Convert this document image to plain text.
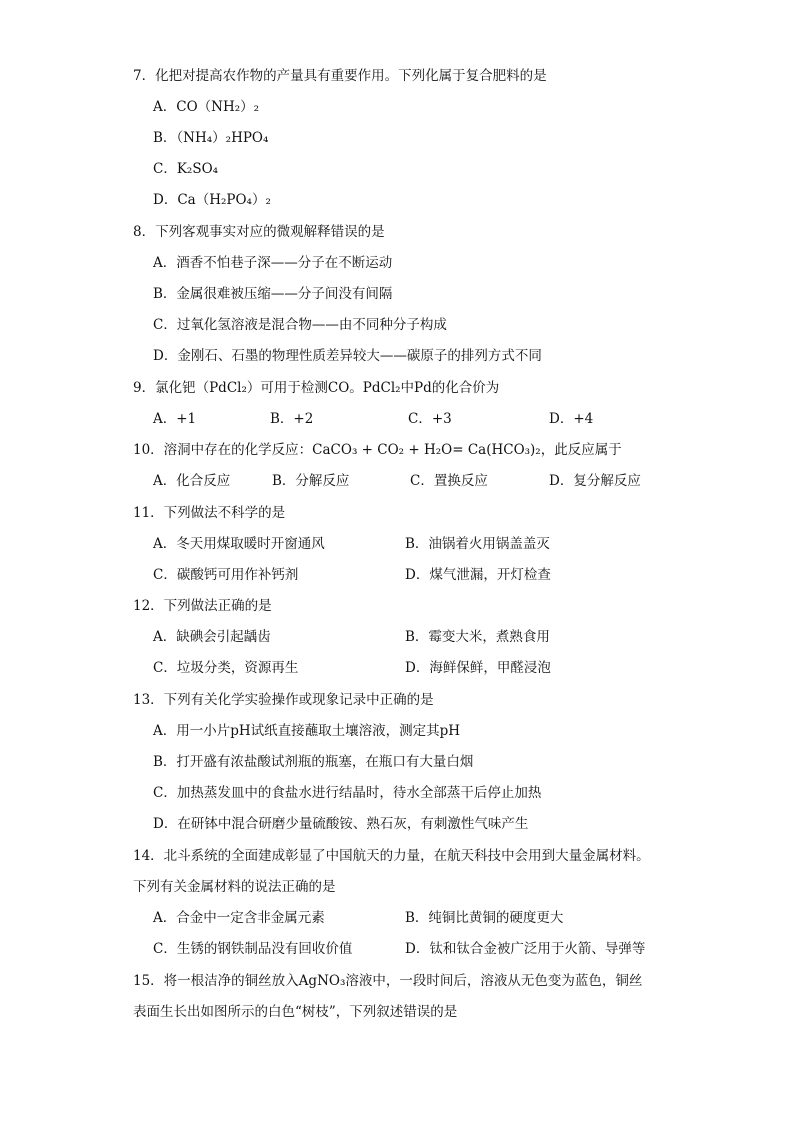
7．化把对提高农作物的产量具有重要作用。下列化属于复合肥料的是
A．CO（NH₂）₂
B．（NH₄）₂HPO₄
C．K₂SO₄
D．Ca（H₂PO₄）₂
8．下列客观事实对应的微观解释错误的是
A．酒香不怕巷子深——分子在不断运动
B．金属很难被压缩——分子间没有间隔
C．过氧化氢溶液是混合物——由不同种分子构成
D．金刚石、石墨的物理性质差异较大——碳原子的排列方式不同
9．氯化钯（PdCl₂）可用于检测CO。PdCl₂中Pd的化合价为
A．+1	B．+2	C．+3	D．+4
10．溶洞中存在的化学反应：CaCO₃ + CO₂ + H₂O= Ca(HCO₃)₂，此反应属于
A．化合反应	B．分解反应	C．置换反应	D．复分解反应
11．下列做法不科学的是
A．冬天用煤取暖时开窗通风	B．油锅着火用锅盖盖灭
C．碳酸钙可用作补钙剂	D．煤气泄漏，开灯检查
12．下列做法正确的是
A．缺碘会引起龋齿	B．霉变大米，煮熟食用
C．垃圾分类，资源再生	D．海鲜保鲜，甲醛浸泡
13．下列有关化学实验操作或现象记录中正确的是
A．用一小片pH试纸直接蘸取土壤溶液，测定其pH
B．打开盛有浓盐酸试剂瓶的瓶塞，在瓶口有大量白烟
C．加热蒸发皿中的食盐水进行结晶时，待水全部蒸干后停止加热
D．在研钵中混合研磨少量硫酸铵、熟石灰，有刺激性气味产生
14．北斗系统的全面建成彰显了中国航天的力量，在航天科技中会用到大量金属材料。
下列有关金属材料的说法正确的是
A．合金中一定含非金属元素	B．纯铜比黄铜的硬度更大
C．生锈的钢铁制品没有回收价值	D．钛和钛合金被广泛用于火箭、导弹等
15．将一根洁净的铜丝放入AgNO₃溶液中，一段时间后，溶液从无色变为蓝色，铜丝
表面生长出如图所示的白色“树枝”，下列叙述错误的是
